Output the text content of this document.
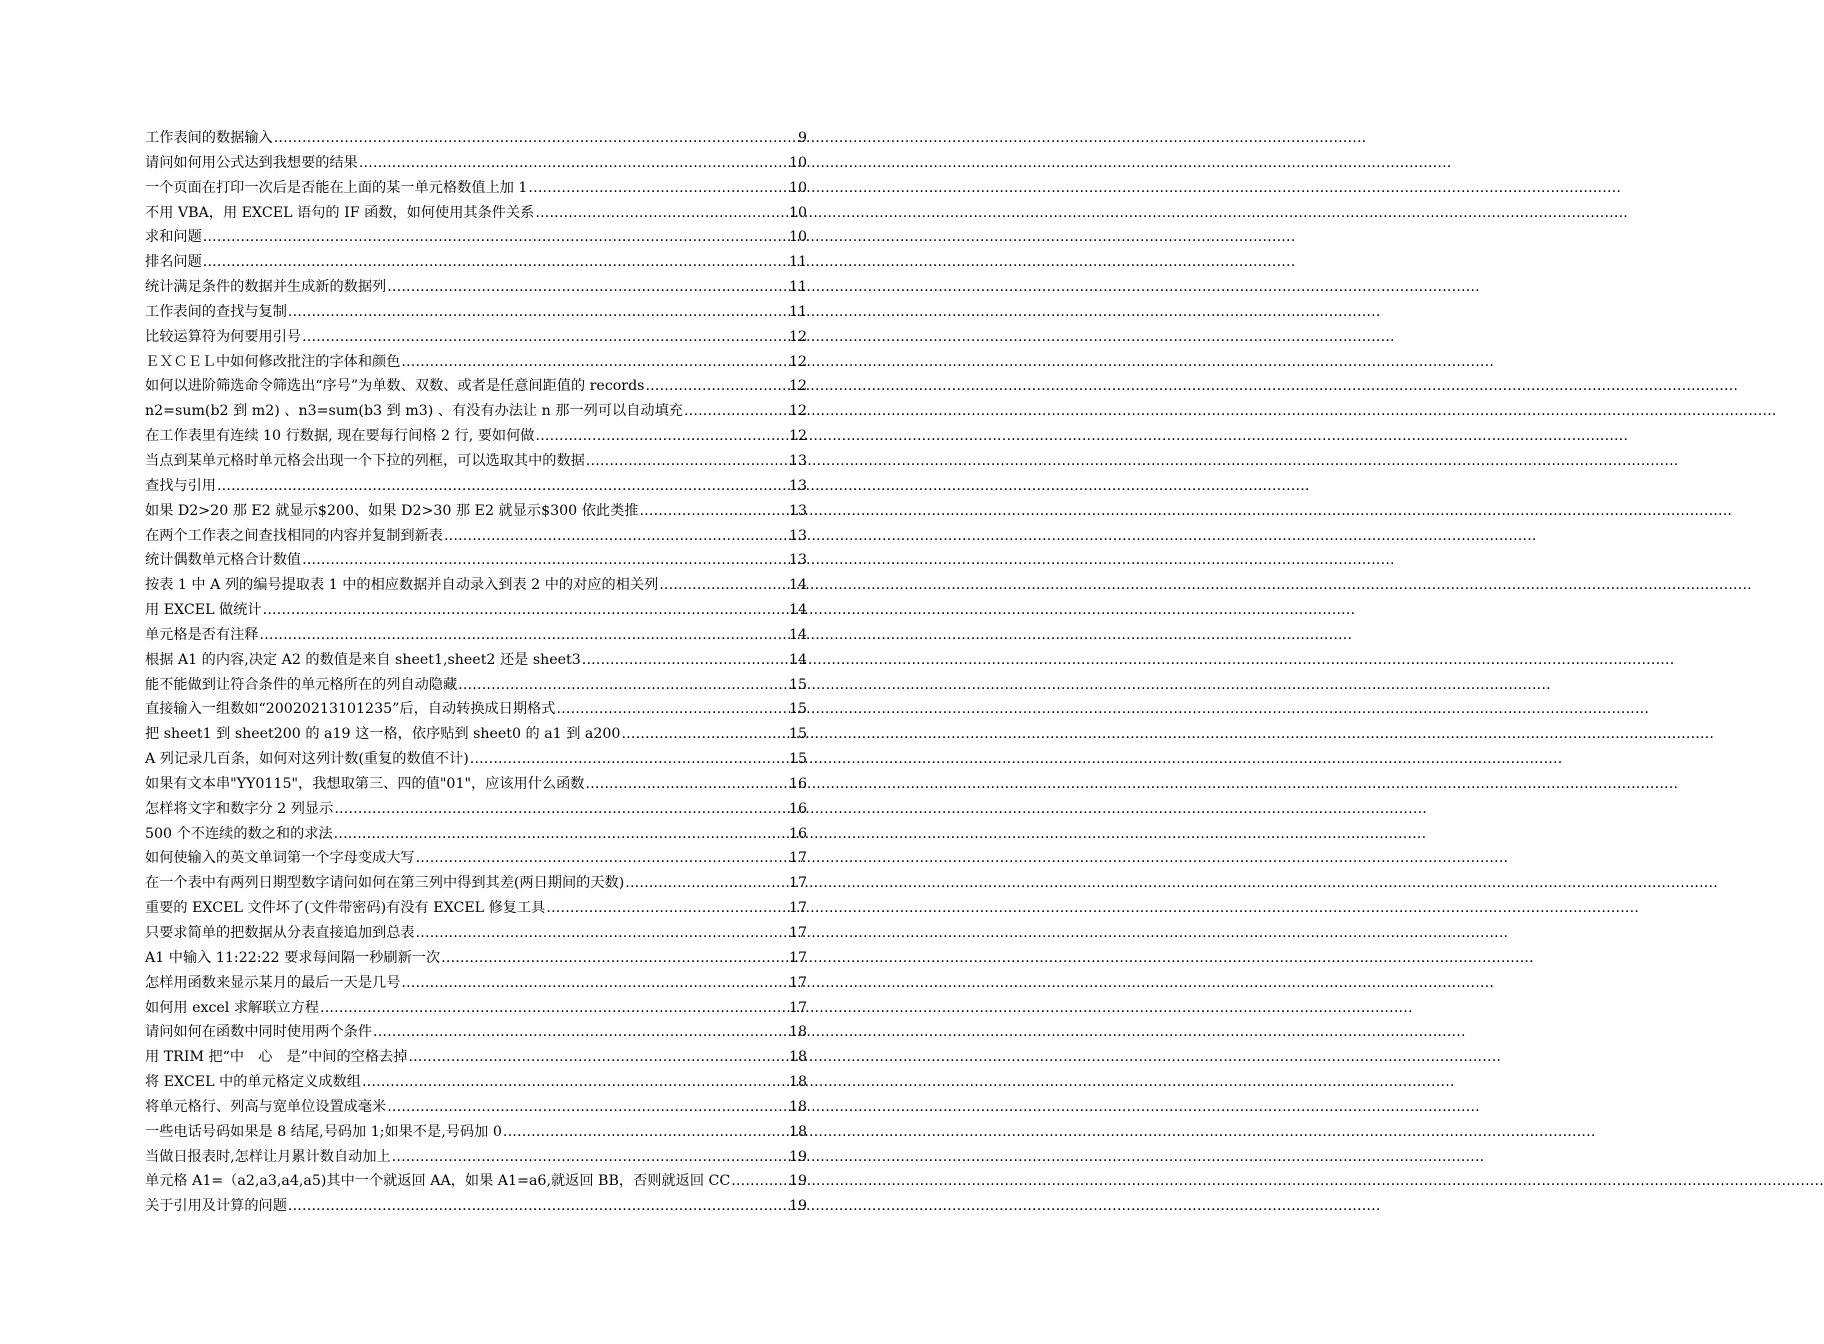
工作表间的数据输入 .....	9
请问如何用公式达到我想要的结果 .....	10
一个页面在打印一次后是否能在上面的某一单元格数值上加 1 .....	10
不用 VBA，用 EXCEL 语句的 IF 函数，如何使用其条件关系 .....	10
求和问题 .....	10
排名问题 .....	11
统计满足条件的数据并生成新的数据列 .....	11
工作表间的查找与复制 .....	11
比较运算符为何要用引号 .....	12
ＥＸＣＥＬ中如何修改批注的字体和颜色 .....	12
如何以进阶筛选命令筛选出“序号”为单数、双数、或者是任意间距值的 records .....	12
n2=sum(b2 到 m2) 、n3=sum(b3 到 m3) 、有没有办法让 n 那一列可以自动填充 .....	12
在工作表里有连续 10 行数据, 现在要每行间格 2 行, 要如何做 .....	12
当点到某单元格时单元格会出现一个下拉的列框，可以选取其中的数据 .....	13
查找与引用 .....	13
如果 D2>20 那 E2 就显示$200、如果 D2>30 那 E2 就显示$300 依此类推 .....	13
在两个工作表之间查找相同的内容并复制到新表 .....	13
统计偶数单元格合计数值 .....	13
按表 1 中 A 列的编号提取表 1 中的相应数据并自动录入到表 2 中的对应的相关列 .....	14
用 EXCEL 做统计 .....	14
单元格是否有注释 .....	14
根据 A1 的内容,决定 A2 的数值是来自 sheet1,sheet2 还是 sheet3 .....	14
能不能做到让符合条件的单元格所在的列自动隐藏 .....	15
直接输入一组数如“20020213101235”后，自动转换成日期格式 .....	15
把 sheet1 到 sheet200 的 a19 这一格，依序贴到 sheet0 的 a1 到 a200 .....	15
A 列记录几百条，如何对这列计数(重复的数值不计) .....	15
如果有文本串"YY0115"，我想取第三、四的值"01"，应该用什么函数 .....	16
怎样将文字和数字分 2 列显示 .....	16
500 个不连续的数之和的求法 .....	16
如何使输入的英文单词第一个字母变成大写 .....	17
在一个表中有两列日期型数字请问如何在第三列中得到其差(两日期间的天数) .....	17
重要的 EXCEL 文件坏了(文件带密码)有没有 EXCEL 修复工具 .....	17
只要求简单的把数据从分表直接追加到总表 .....	17
A1 中输入 11:22:22 要求每间隔一秒刷新一次 .....	17
怎样用函数来显示某月的最后一天是几号 .....	17
如何用 excel 求解联立方程 .....	17
请问如何在函数中同时使用两个条件 .....	18
用 TRIM 把“中　心　是”中间的空格去掉 .....	18
将 EXCEL 中的单元格定义成数组 .....	18
将单元格行、列高与宽单位设置成毫米 .....	18
一些电话号码如果是 8 结尾,号码加 1;如果不是,号码加 0 .....	18
当做日报表时,怎样让月累计数自动加上 .....	19
单元格 A1=（a2,a3,a4,a5)其中一个就返回 AA，如果 A1=a6,就返回 BB，否则就返回 CC .....	19
关于引用及计算的问题 .....	19
